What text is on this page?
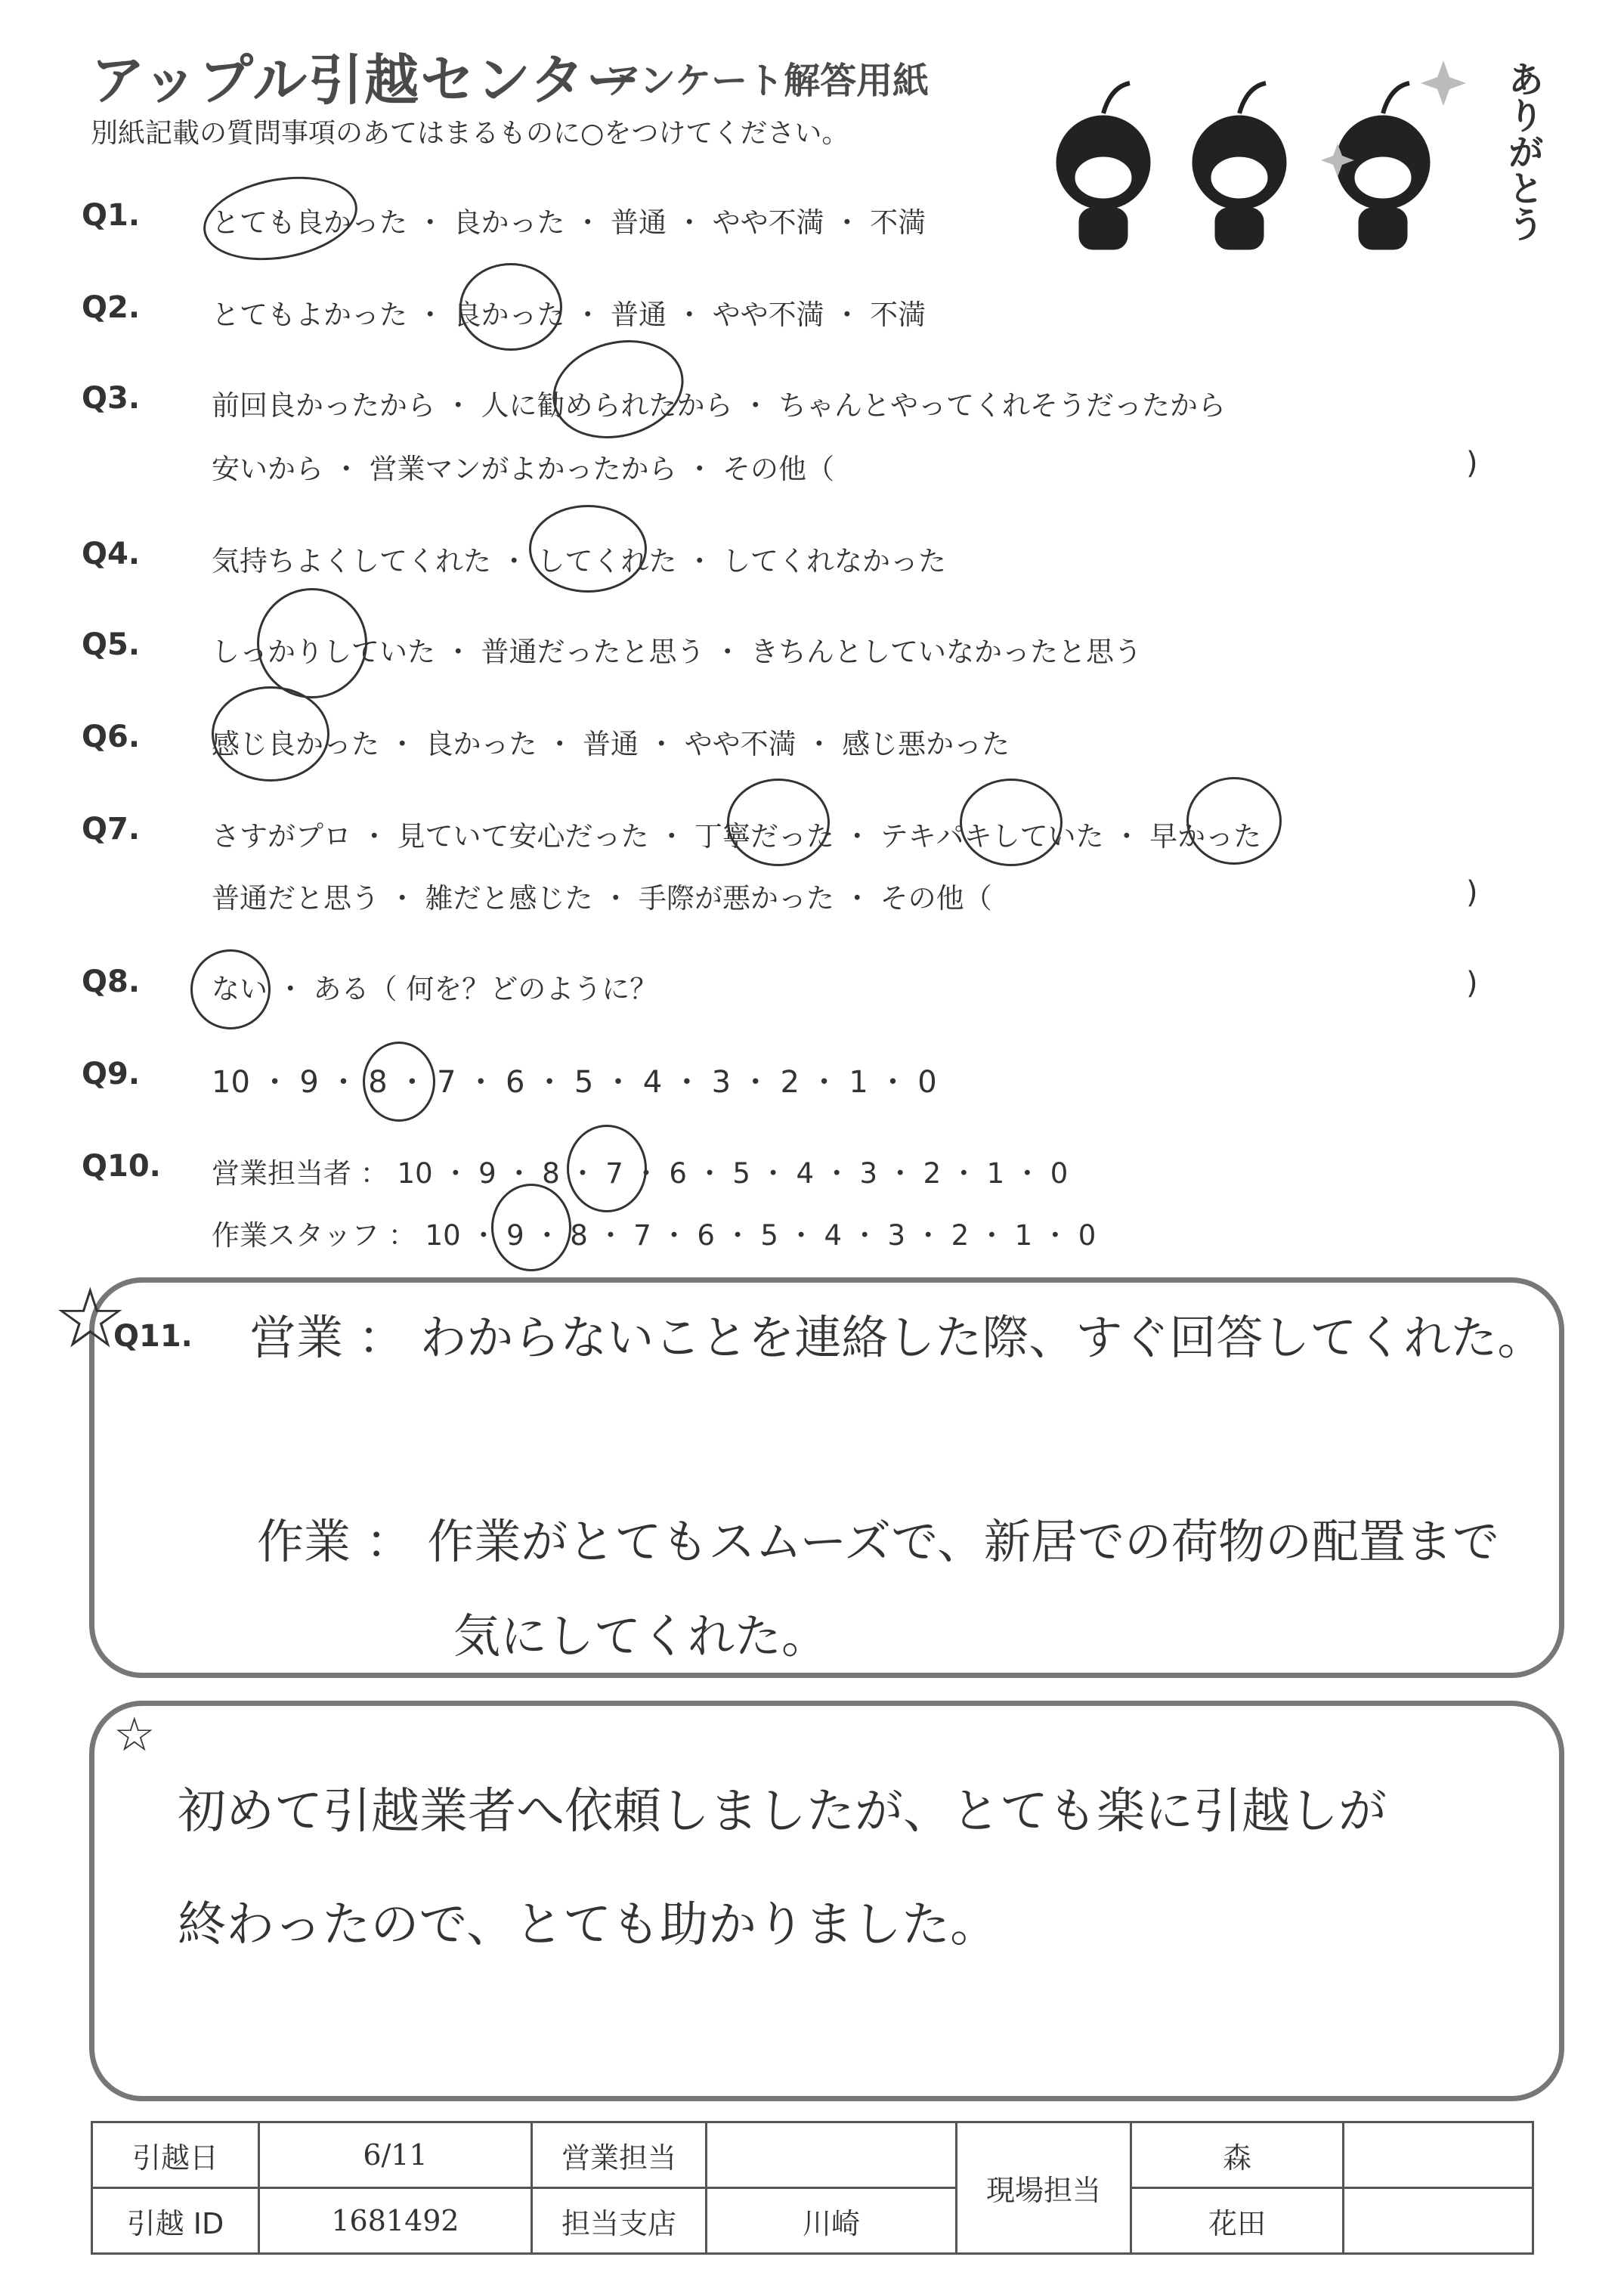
アップル引越センター
アンケート解答用紙
別紙記載の質問事項のあてはまるものに○をつけてください。	ありがとう
Q1.	とても良かった ・ 良かった ・ 普通 ・ やや不満 ・ 不満
Q2.	とてもよかった ・ 良かった ・ 普通 ・ やや不満 ・ 不満
Q3.	前回良かったから ・ 人に勧められたから ・ ちゃんとやってくれそうだったから
安いから ・ 営業マンがよかったから ・ その他（	)
Q4.	気持ちよくしてくれた ・ してくれた ・ してくれなかった
Q5.	しっかりしていた ・ 普通だったと思う ・ きちんとしていなかったと思う
Q6.	感じ良かった ・ 良かった ・ 普通 ・ やや不満 ・ 感じ悪かった
Q7.	さすがプロ ・ 見ていて安心だった ・ 丁寧だった ・ テキパキしていた ・ 早かった
普通だと思う ・ 雑だと感じた ・ 手際が悪かった ・ その他（	)
Q8.	ない ・ ある（ 何を？どのように？	)
Q9. 10 ・ 9 ・ 8 ・ 7 ・ 6 ・ 5 ・ 4 ・ 3 ・ 2 ・ 1 ・ 0
Q10. 営業担当者 ： 10 ・ 9 ・ 8 ・ 7 ・ 6 ・ 5 ・ 4 ・ 3 ・ 2 ・ 1 ・ 0
作業スタッフ ： 10 ・ 9 ・ 8 ・ 7 ・ 6 ・ 5 ・ 4 ・ 3 ・ 2 ・ 1 ・ 0
☆
Q11. 営業 ： わからないことを連絡した際、すぐ回答してくれた。
作業 ： 作業がとてもスムーズで、新居での荷物の配置まで
気にしてくれた。
☆
初めて引越業者へ依頼しましたが、とても楽に引越しが
終わったので、とても助かりました。
引越日	6/11	営業担当		現場担当	森	
引越 ID	1681492	担当支店	川崎		花田	
